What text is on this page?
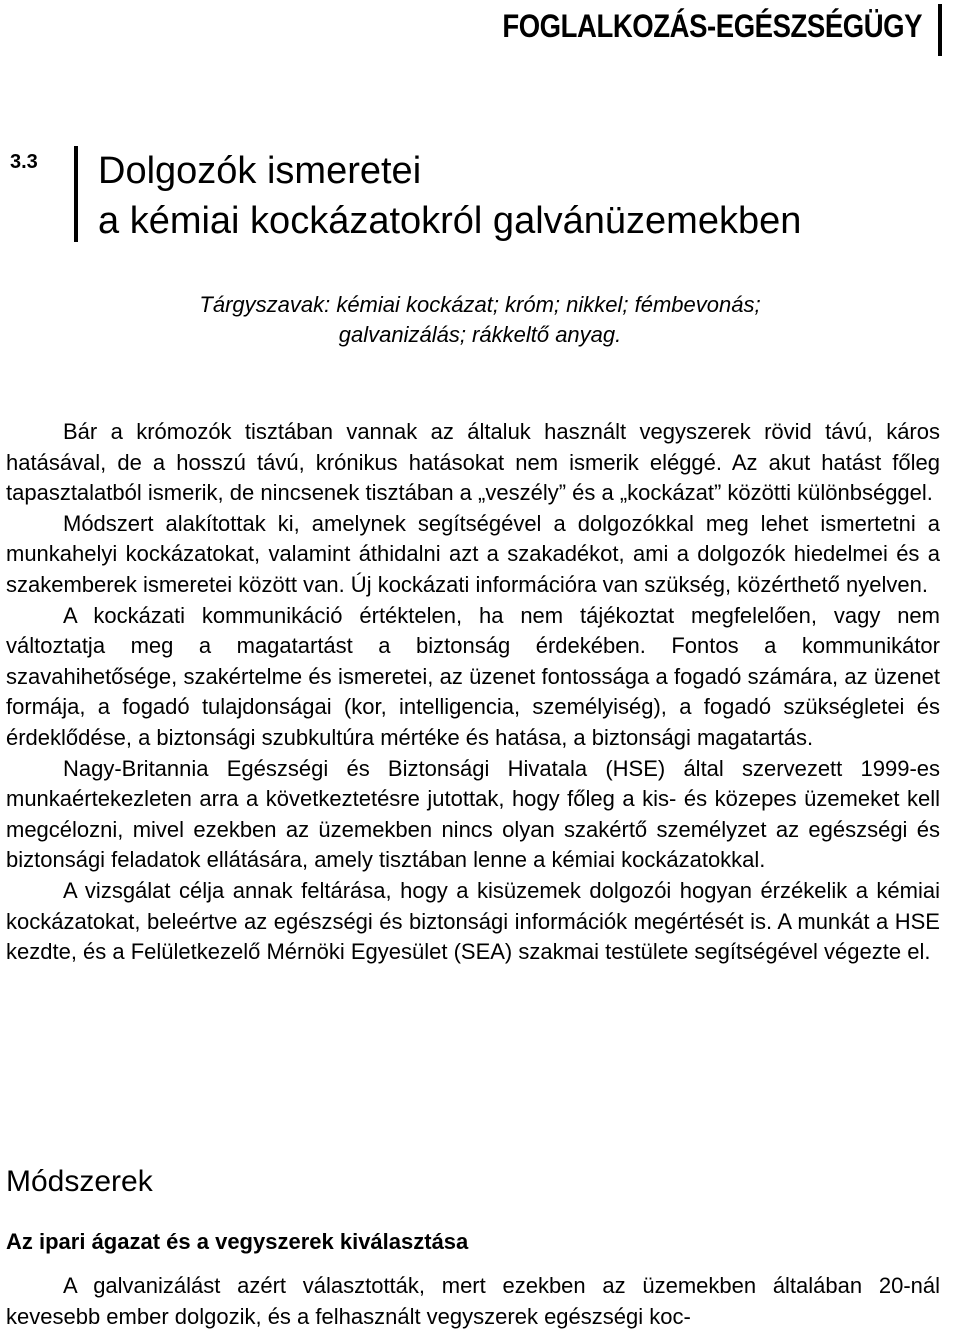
FOGLALKOZÁS-EGÉSZSÉGÜGY
3.3 Dolgozók ismeretei
a kémiai kockázatokról galvánüzemekben
Tárgyszavak: kémiai kockázat; króm; nikkel; fémbevonás;
galvanizálás; rákkeltő anyag.

Bár a krómozók tisztában vannak az általuk használt vegyszerek rövid távú, káros hatásával, de a hosszú távú, krónikus hatásokat nem ismerik eléggé. Az akut hatást főleg tapasztalatból ismerik, de nincsenek tisztában a „veszély” és a „kockázat” közötti különbséggel.

Módszert alakítottak ki, amelynek segítségével a dolgozókkal meg lehet ismertetni a munkahelyi kockázatokat, valamint áthidalni azt a szakadékot, ami a dolgozók hiedelmei és a szakemberek ismeretei között van. Új kockázati információra van szükség, közérthető nyelven.

A kockázati kommunikáció értéktelen, ha nem tájékoztat megfelelően, vagy nem változtatja meg a magatartást a biztonság érdekében. Fontos a kommunikátor szavahihetősége, szakértelme és ismeretei, az üzenet fontossága a fogadó számára, az üzenet formája, a fogadó tulajdonságai (kor, intelligencia, személyiség), a fogadó szükségletei és érdeklődése, a biztonsági szubkultúra mértéke és hatása, a biztonsági magatartás.

Nagy-Britannia Egészségi és Biztonsági Hivatala (HSE) által szervezett 1999-es munkaértekezleten arra a következtetésre jutottak, hogy főleg a kis- és közepes üzemeket kell megcélozni, mivel ezekben az üzemekben nincs olyan szakértő személyzet az egészségi és biztonsági feladatok ellátására, amely tisztában lenne a kémiai kockázatokkal.

A vizsgálat célja annak feltárása, hogy a kisüzemek dolgozói hogyan érzékelik a kémiai kockázatokat, beleértve az egészségi és biztonsági információk megértését is. A munkát a HSE kezdte, és a Felületkezelő Mérnöki Egyesület (SEA) szakmai testülete segítségével végezte el.

Módszerek
Az ipari ágazat és a vegyszerek kiválasztása

A galvanizálást azért választották, mert ezekben az üzemekben általában 20-nál kevesebb ember dolgozik, és a felhasznált vegyszerek egészségi koc-
